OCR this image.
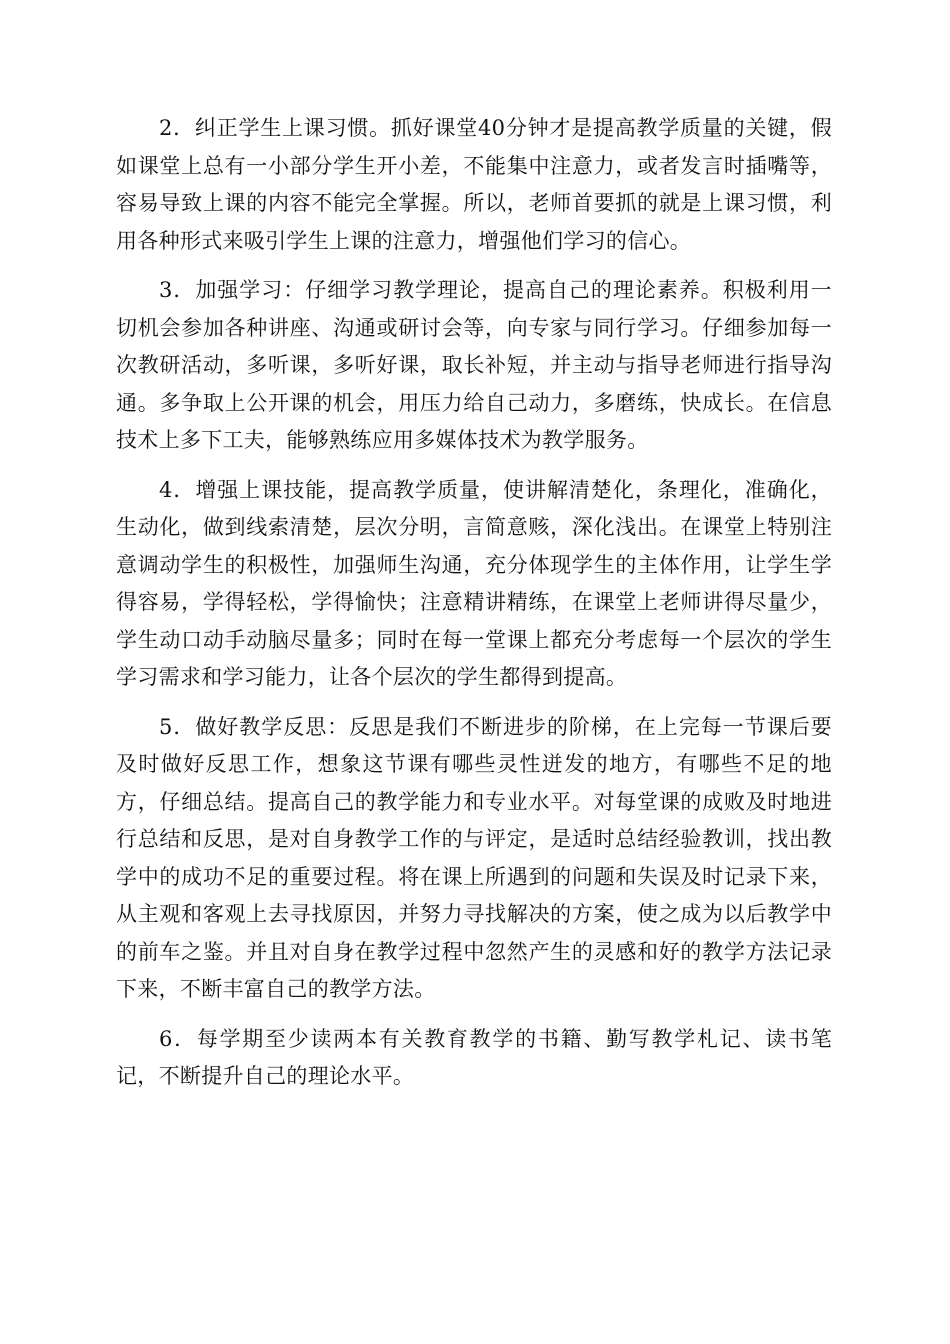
2．纠正学生上课习惯。抓好课堂40分钟才是提高教学质量的关键，假如课堂上总有一小部分学生开小差，不能集中注意力，或者发言时插嘴等，容易导致上课的内容不能完全掌握。所以，老师首要抓的就是上课习惯，利用各种形式来吸引学生上课的注意力，增强他们学习的信心。

3．加强学习：仔细学习教学理论，提高自己的理论素养。积极利用一切机会参加各种讲座、沟通或研讨会等，向专家与同行学习。仔细参加每一次教研活动，多听课，多听好课，取长补短，并主动与指导老师进行指导沟通。多争取上公开课的机会，用压力给自己动力，多磨练，快成长。在信息技术上多下工夫，能够熟练应用多媒体技术为教学服务。

4．增强上课技能，提高教学质量，使讲解清楚化，条理化，准确化，生动化，做到线索清楚，层次分明，言简意赅，深化浅出。在课堂上特别注意调动学生的积极性，加强师生沟通，充分体现学生的主体作用，让学生学得容易，学得轻松，学得愉快；注意精讲精练，在课堂上老师讲得尽量少，学生动口动手动脑尽量多；同时在每一堂课上都充分考虑每一个层次的学生学习需求和学习能力，让各个层次的学生都得到提高。

5．做好教学反思：反思是我们不断进步的阶梯，在上完每一节课后要及时做好反思工作，想象这节课有哪些灵性迸发的地方，有哪些不足的地方，仔细总结。提高自己的教学能力和专业水平。对每堂课的成败及时地进行总结和反思，是对自身教学工作的与评定，是适时总结经验教训，找出教学中的成功不足的重要过程。将在课上所遇到的问题和失误及时记录下来，从主观和客观上去寻找原因，并努力寻找解决的方案，使之成为以后教学中的前车之鉴。并且对自身在教学过程中忽然产生的灵感和好的教学方法记录下来，不断丰富自己的教学方法。

6．每学期至少读两本有关教育教学的书籍、勤写教学札记、读书笔记，不断提升自己的理论水平。
